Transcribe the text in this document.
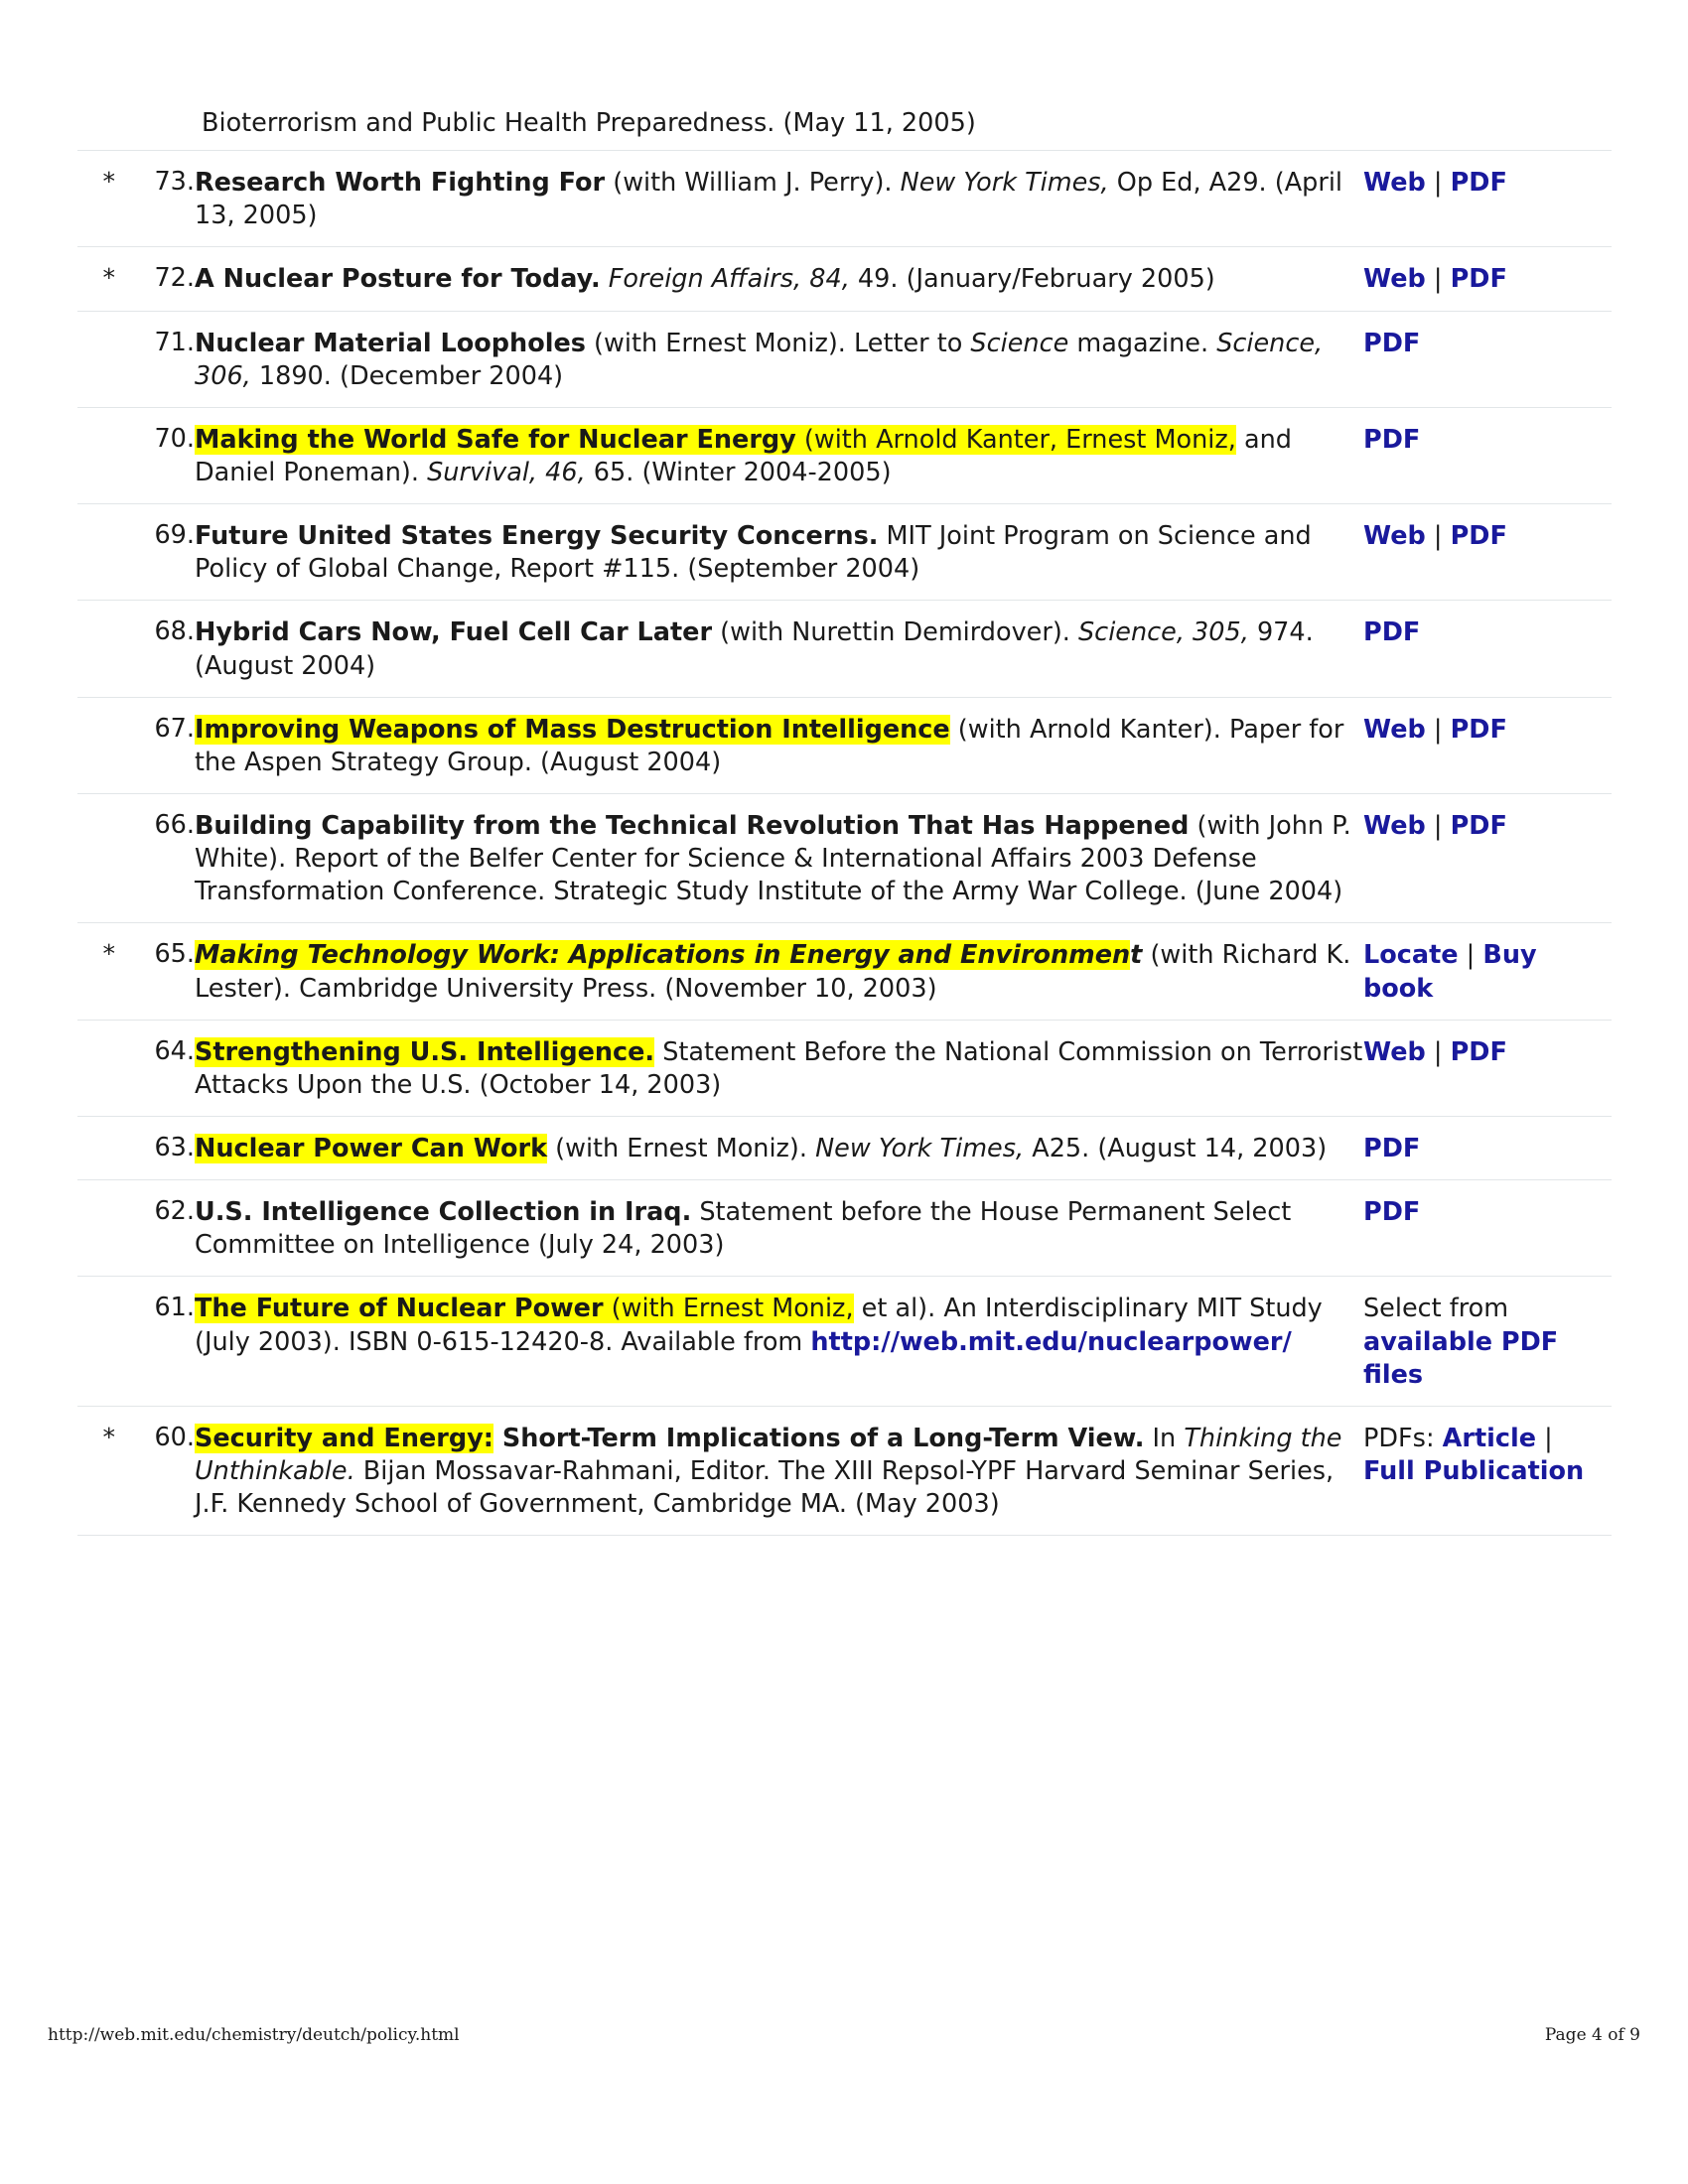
Bioterrorism and Public Health Preparedness. (May 11, 2005)
*	73.	Research Worth Fighting For (with William J. Perry). New York Times, Op Ed, A29. (April 13, 2005)	Web | PDF
*	72.	A Nuclear Posture for Today. Foreign Affairs, 84, 49. (January/February 2005)	Web | PDF
	71.	Nuclear Material Loopholes (with Ernest Moniz). Letter to Science magazine. Science, 306, 1890. (December 2004)	PDF
	70.	Making the World Safe for Nuclear Energy (with Arnold Kanter, Ernest Moniz, and Daniel Poneman). Survival, 46, 65. (Winter 2004-2005)	PDF
	69.	Future United States Energy Security Concerns. MIT Joint Program on Science and Policy of Global Change, Report #115. (September 2004)	Web | PDF
	68.	Hybrid Cars Now, Fuel Cell Car Later (with Nurettin Demirdover). Science, 305, 974. (August 2004)	PDF
	67.	Improving Weapons of Mass Destruction Intelligence (with Arnold Kanter). Paper for the Aspen Strategy Group. (August 2004)	Web | PDF
	66.	Building Capability from the Technical Revolution That Has Happened (with John P. White). Report of the Belfer Center for Science & International Affairs 2003 Defense Transformation Conference. Strategic Study Institute of the Army War College. (June 2004)	Web | PDF
*	65.	Making Technology Work: Applications in Energy and Environment (with Richard K. Lester). Cambridge University Press. (November 10, 2003)	Locate | Buy book
	64.	Strengthening U.S. Intelligence. Statement Before the National Commission on Terrorist Attacks Upon the U.S. (October 14, 2003)	Web | PDF
	63.	Nuclear Power Can Work (with Ernest Moniz). New York Times, A25. (August 14, 2003)	PDF
	62.	U.S. Intelligence Collection in Iraq. Statement before the House Permanent Select Committee on Intelligence (July 24, 2003)	PDF
	61.	The Future of Nuclear Power (with Ernest Moniz, et al). An Interdisciplinary MIT Study (July 2003). ISBN 0-615-12420-8. Available from http://web.mit.edu/nuclearpower/	Select from available PDF files
*	60.	Security and Energy: Short-Term Implications of a Long-Term View. In Thinking the Unthinkable. Bijan Mossavar-Rahmani, Editor. The XIII Repsol-YPF Harvard Seminar Series, J.F. Kennedy School of Government, Cambridge MA. (May 2003)	PDFs: Article | Full Publication
http://web.mit.edu/chemistry/deutch/policy.html	Page 4 of 9
